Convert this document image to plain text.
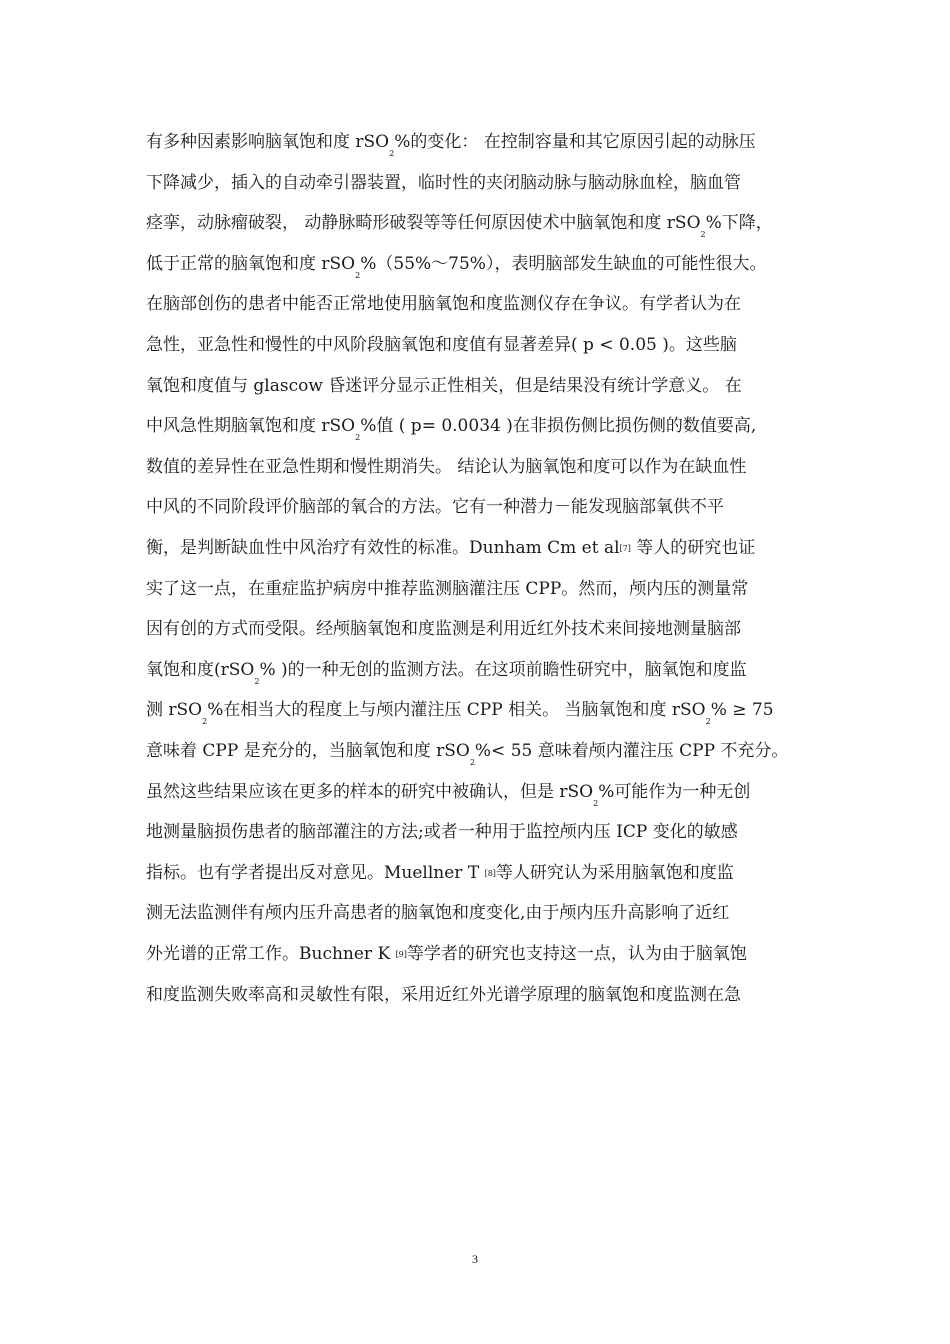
有多种因素影响脑氧饱和度 rSO$_2$%的变化： 在控制容量和其它原因引起的动脉压
下降减少，插入的自动牵引器装置，临时性的夹闭脑动脉与脑动脉血栓，脑血管
痉挛，动脉瘤破裂， 动静脉畸形破裂等等任何原因使术中脑氧饱和度 rSO$_2$%下降，
低于正常的脑氧饱和度 rSO$_2$%（55%～75%），表明脑部发生缺血的可能性很大。
在脑部创伤的患者中能否正常地使用脑氧饱和度监测仪存在争议。有学者认为在
急性，亚急性和慢性的中风阶段脑氧饱和度值有显著差异( p < 0.05 )。这些脑
氧饱和度值与 glascow 昏迷评分显示正性相关，但是结果没有统计学意义。 在
中风急性期脑氧饱和度 rSO$_2$%值 ( p= 0.0034 )在非损伤侧比损伤侧的数值要高,
数值的差异性在亚急性期和慢性期消失。 结论认为脑氧饱和度可以作为在缺血性
中风的不同阶段评价脑部的氧合的方法。它有一种潜力－能发现脑部氧供不平
衡，是判断缺血性中风治疗有效性的标准。Dunham Cm et al[7] 等人的研究也证
实了这一点，在重症监护病房中推荐监测脑灌注压 CPP。然而，颅内压的测量常
因有创的方式而受限。经颅脑氧饱和度监测是利用近红外技术来间接地测量脑部
氧饱和度(rSO$_2$% )的一种无创的监测方法。在这项前瞻性研究中，脑氧饱和度监
测 rSO$_2$%在相当大的程度上与颅内灌注压 CPP 相关。 当脑氧饱和度 rSO$_2$% ≥ 75
意味着 CPP 是充分的，当脑氧饱和度 rSO$_2$%< 55 意味着颅内灌注压 CPP 不充分。
虽然这些结果应该在更多的样本的研究中被确认，但是 rSO$_2$%可能作为一种无创
地测量脑损伤患者的脑部灌注的方法;或者一种用于监控颅内压 ICP 变化的敏感
指标。也有学者提出反对意见。Muellner T [8]等人研究认为采用脑氧饱和度监
测无法监测伴有颅内压升高患者的脑氧饱和度变化,由于颅内压升高影响了近红
外光谱的正常工作。Buchner K [9]等学者的研究也支持这一点，认为由于脑氧饱
和度监测失败率高和灵敏性有限，采用近红外光谱学原理的脑氧饱和度监测在急
3
